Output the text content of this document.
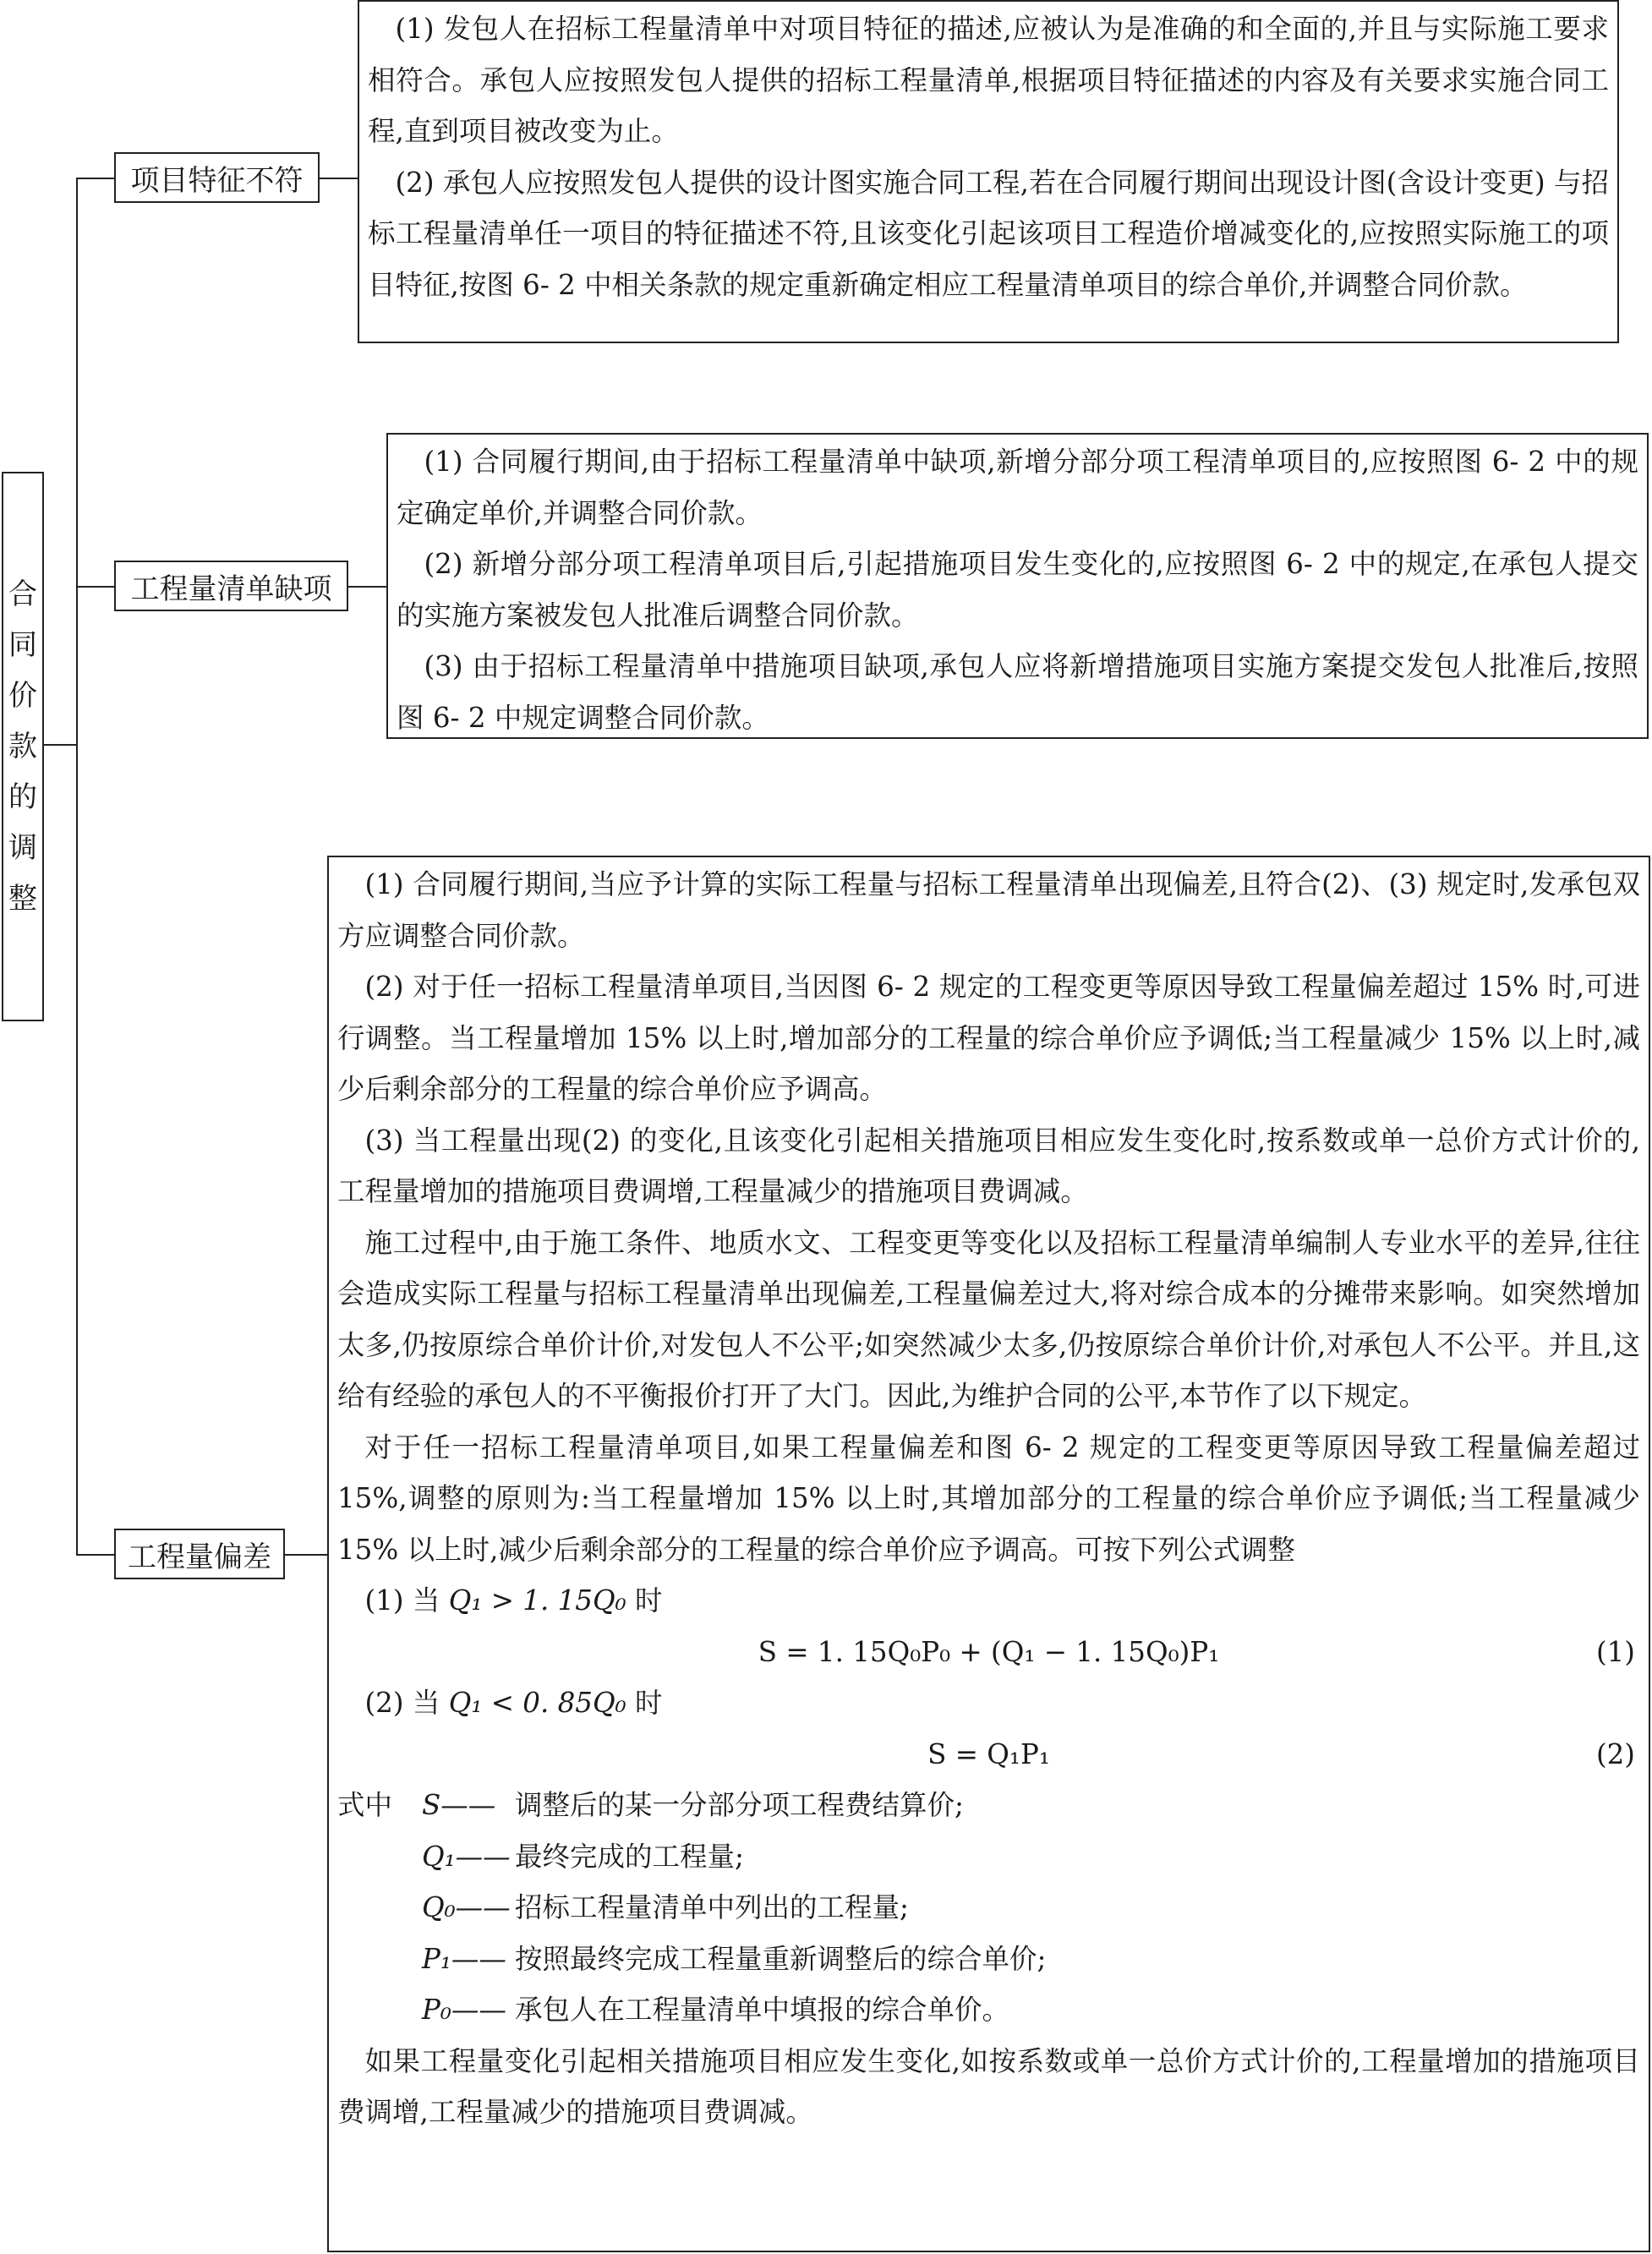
合
同
价
款
的
调
整
项目特征不符

(1) 发包人在招标工程量清单中对项目特征的描述,应被认为是准确的和全面的,并且与实际施工要求相符合。承包人应按照发包人提供的招标工程量清单,根据项目特征描述的内容及有关要求实施合同工程,直到项目被改变为止。

(2) 承包人应按照发包人提供的设计图实施合同工程,若在合同履行期间出现设计图(含设计变更) 与招标工程量清单任一项目的特征描述不符,且该变化引起该项目工程造价增减变化的,应按照实际施工的项目特征,按图 6- 2 中相关条款的规定重新确定相应工程量清单项目的综合单价,并调整合同价款。

工程量清单缺项

(1) 合同履行期间,由于招标工程量清单中缺项,新增分部分项工程清单项目的,应按照图 6- 2 中的规定确定单价,并调整合同价款。

(2) 新增分部分项工程清单项目后,引起措施项目发生变化的,应按照图 6- 2 中的规定,在承包人提交的实施方案被发包人批准后调整合同价款。

(3) 由于招标工程量清单中措施项目缺项,承包人应将新增措施项目实施方案提交发包人批准后,按照图 6- 2 中规定调整合同价款。

工程量偏差

(1) 合同履行期间,当应予计算的实际工程量与招标工程量清单出现偏差,且符合(2)、(3) 规定时,发承包双方应调整合同价款。

(2) 对于任一招标工程量清单项目,当因图 6- 2 规定的工程变更等原因导致工程量偏差超过 15% 时,可进行调整。当工程量增加 15% 以上时,增加部分的工程量的综合单价应予调低;当工程量减少 15% 以上时,减少后剩余部分的工程量的综合单价应予调高。

(3) 当工程量出现(2) 的变化,且该变化引起相关措施项目相应发生变化时,按系数或单一总价方式计价的,工程量增加的措施项目费调增,工程量减少的措施项目费调减。

施工过程中,由于施工条件、地质水文、工程变更等变化以及招标工程量清单编制人专业水平的差异,往往会造成实际工程量与招标工程量清单出现偏差,工程量偏差过大,将对综合成本的分摊带来影响。如突然增加太多,仍按原综合单价计价,对发包人不公平;如突然减少太多,仍按原综合单价计价,对承包人不公平。并且,这给有经验的承包人的不平衡报价打开了大门。因此,为维护合同的公平,本节作了以下规定。

对于任一招标工程量清单项目,如果工程量偏差和图 6- 2 规定的工程变更等原因导致工程量偏差超过 15%,调整的原则为:当工程量增加 15% 以上时,其增加部分的工程量的综合单价应予调低;当工程量减少 15% 以上时,减少后剩余部分的工程量的综合单价应予调高。可按下列公式调整

(1) 当 Q₁ > 1. 15Q₀ 时

S = 1. 15Q₀P₀ + (Q₁ − 1. 15Q₀)P₁	(1)

(2) 当 Q₁ < 0. 85Q₀ 时

S = Q₁P₁	(2)
式中	S—— 调整后的某一分部分项工程费结算价;
Q₁—— 最终完成的工程量;
Q₀—— 招标工程量清单中列出的工程量;
P₁—— 按照最终完成工程量重新调整后的综合单价;
P₀—— 承包人在工程量清单中填报的综合单价。

如果工程量变化引起相关措施项目相应发生变化,如按系数或单一总价方式计价的,工程量增加的措施项目费调增,工程量减少的措施项目费调减。
